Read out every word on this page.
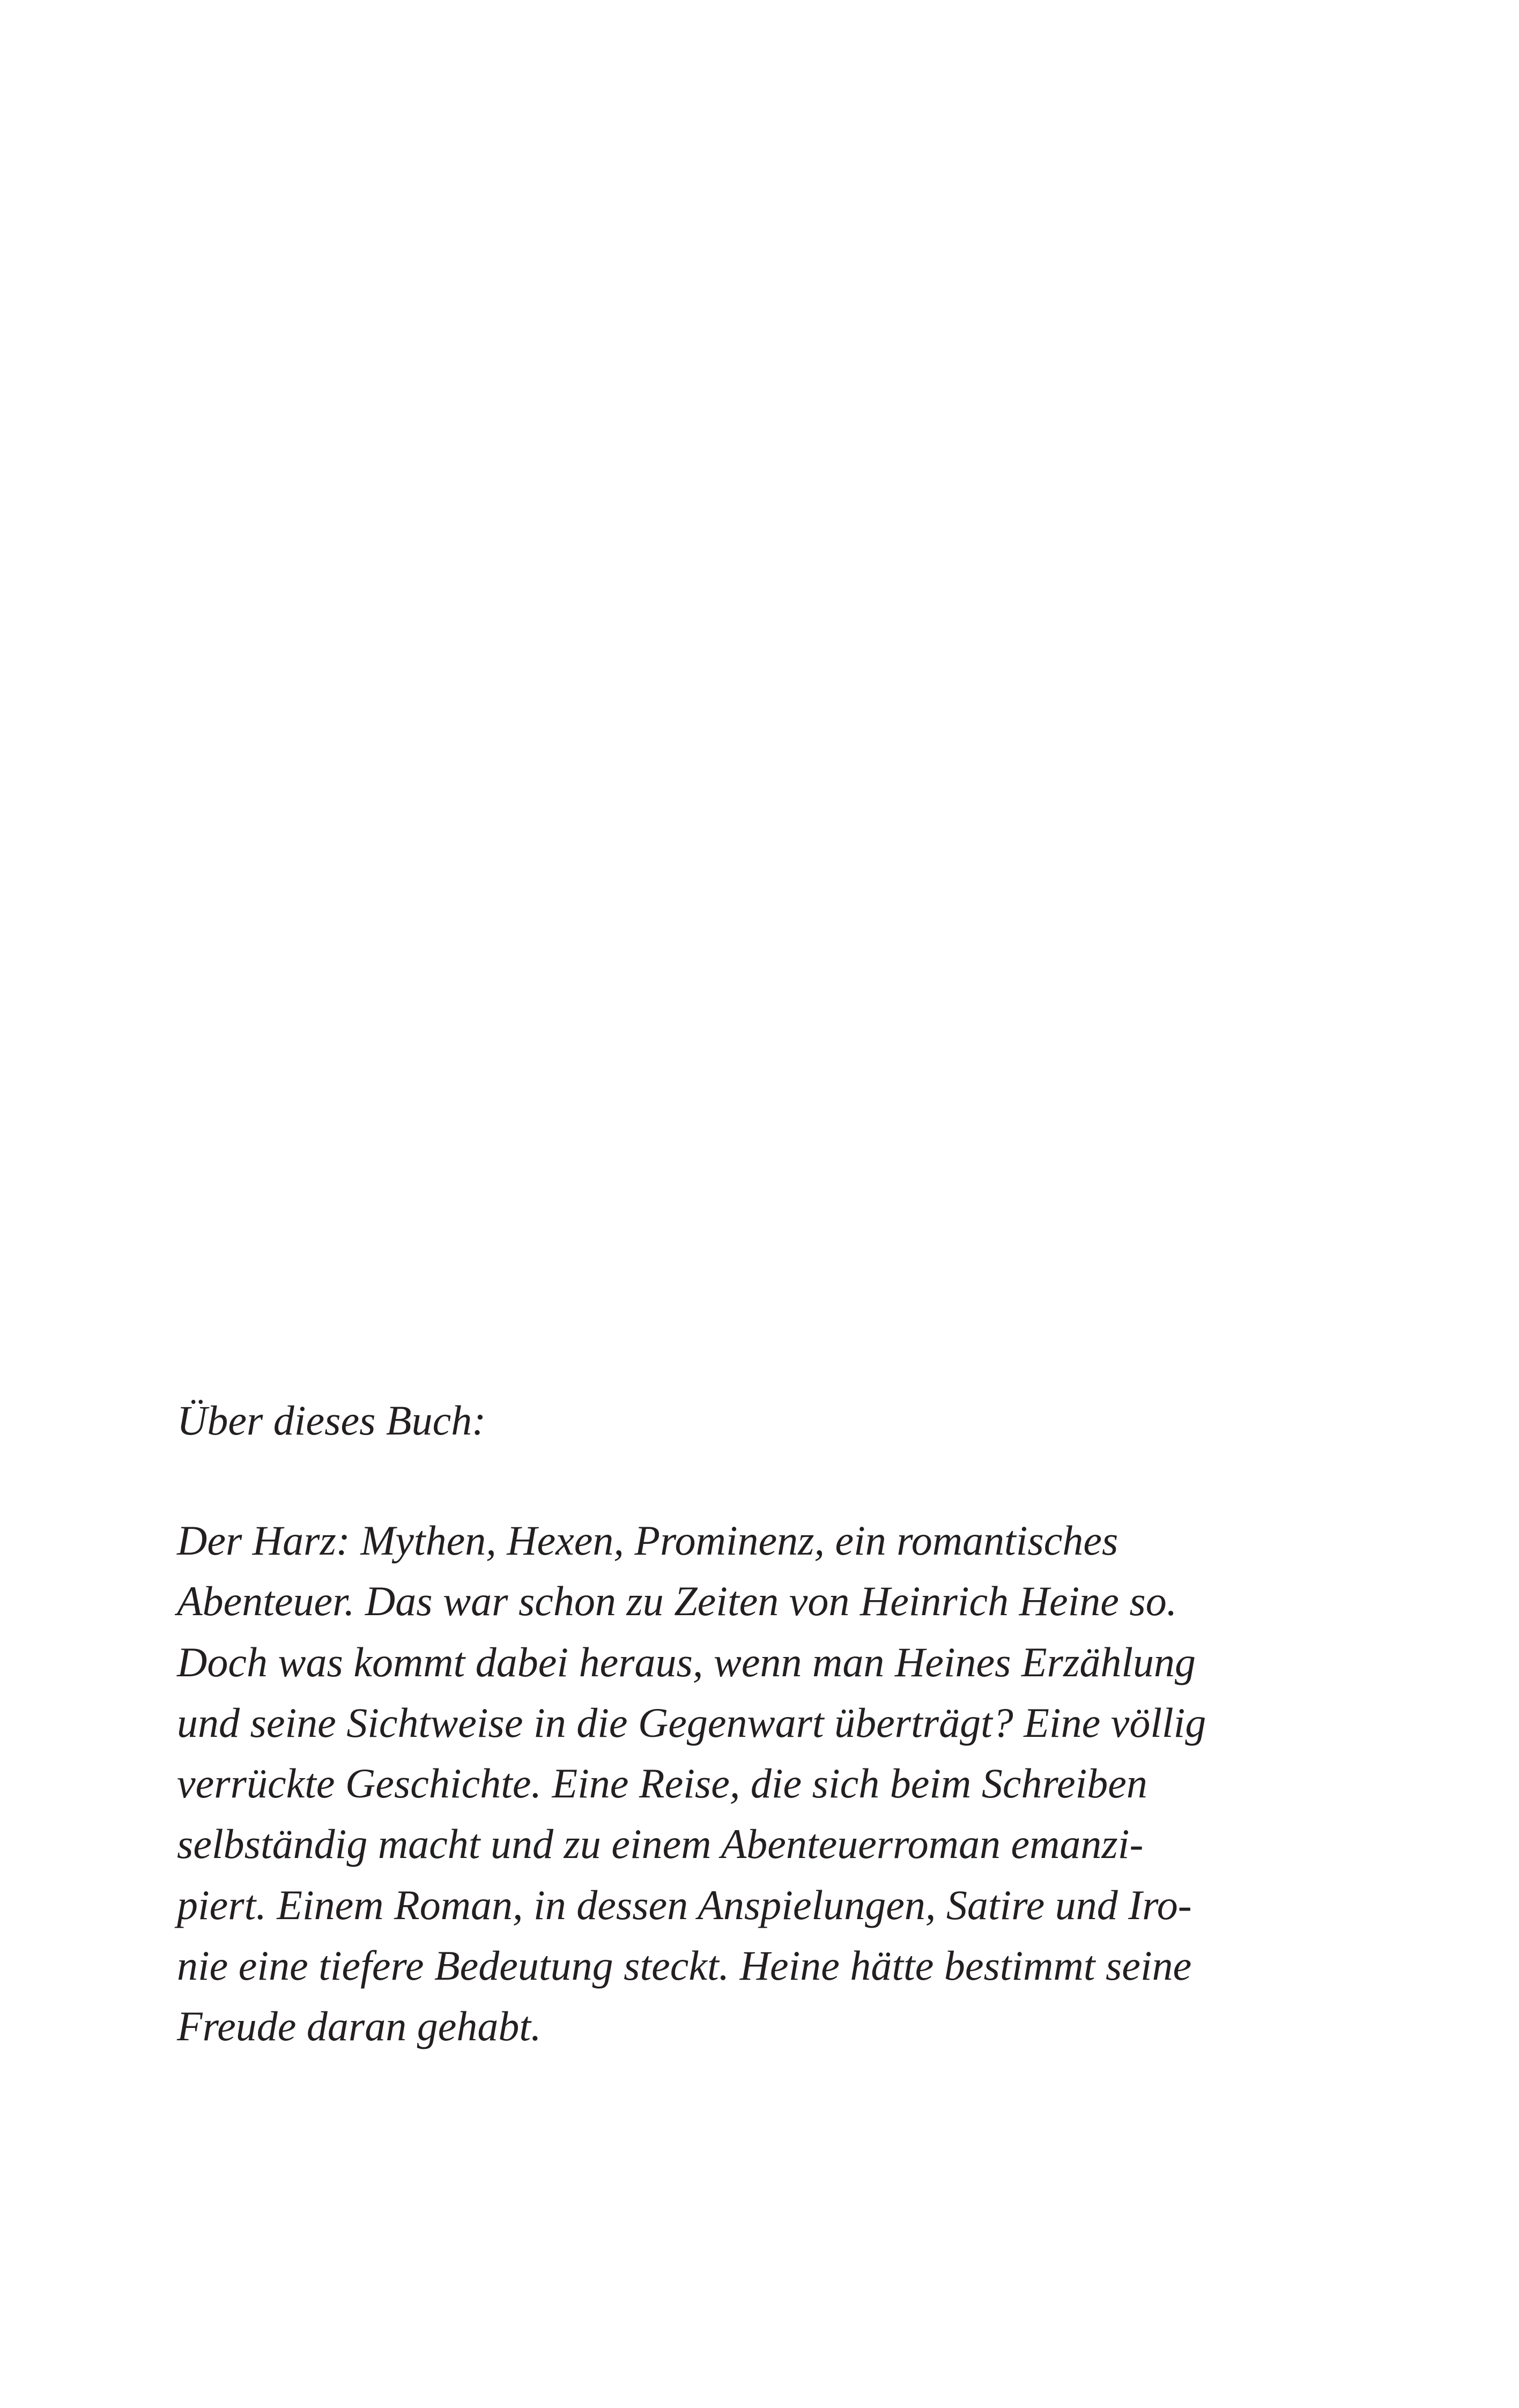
Über dieses Buch:
Der Harz: Mythen, Hexen, Prominenz, ein romantisches
Abenteuer. Das war schon zu Zeiten von Heinrich Heine so.
Doch was kommt dabei heraus, wenn man Heines Erzählung
und seine Sichtweise in die Gegenwart überträgt? Eine völlig
verrückte Geschichte. Eine Reise, die sich beim Schreiben
selbständig macht und zu einem Abenteuerroman emanzi-
piert. Einem Roman, in dessen Anspielungen, Satire und Iro-
nie eine tiefere Bedeutung steckt. Heine hätte bestimmt seine
Freude daran gehabt.
